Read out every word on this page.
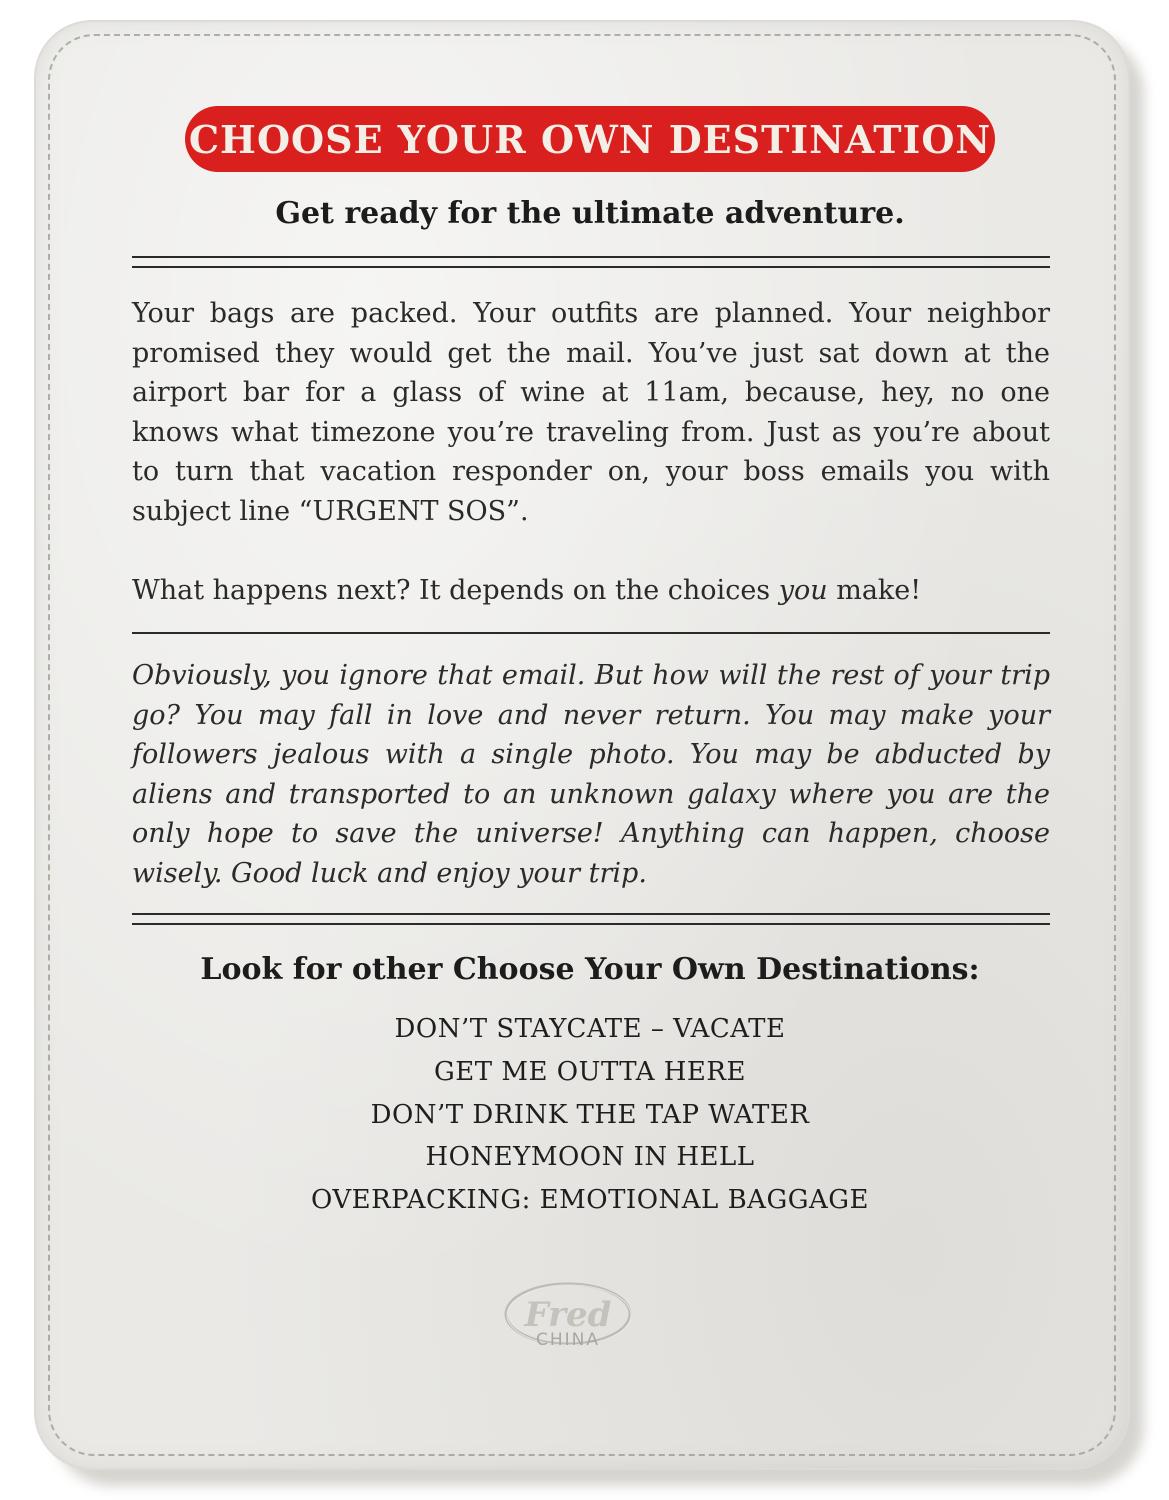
CHOOSE YOUR OWN DESTINATION
Get ready for the ultimate adventure.
Your bags are packed. Your outfits are planned. Your neighbor promised they would get the mail. You’ve just sat down at the airport bar for a glass of wine at 11am, because, hey, no one knows what timezone you’re traveling from. Just as you’re about to turn that vacation responder on, your boss emails you with subject line “URGENT SOS”.
What happens next? It depends on the choices you make!
Obviously, you ignore that email. But how will the rest of your trip go? You may fall in love and never return. You may make your followers jealous with a single photo. You may be abducted by aliens and transported to an unknown galaxy where you are the only hope to save the universe! Anything can happen, choose wisely. Good luck and enjoy your trip.
Look for other Choose Your Own Destinations:
DON’T STAYCATE – VACATE
GET ME OUTTA HERE
DON’T DRINK THE TAP WATER
HONEYMOON IN HELL
OVERPACKING: EMOTIONAL BAGGAGE
Fred
CHINA
